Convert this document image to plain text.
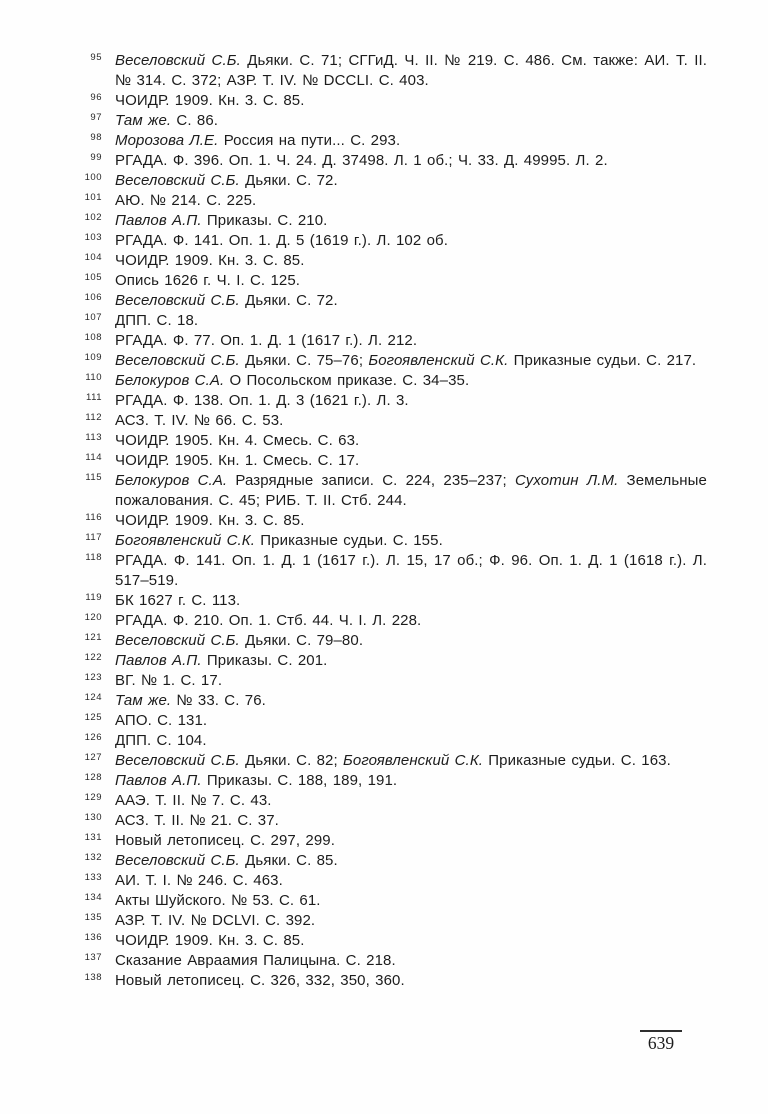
95 Веселовский С.Б. Дьяки. С. 71; СГГиД. Ч. II. № 219. С. 486. См. также: АИ. Т. II. № 314. С. 372; АЗР. Т. IV. № DCCLI. С. 403.
96 ЧОИДР. 1909. Кн. 3. С. 85.
97 Там же. С. 86.
98 Морозова Л.Е. Россия на пути... С. 293.
99 РГАДА. Ф. 396. Оп. 1. Ч. 24. Д. 37498. Л. 1 об.; Ч. 33. Д. 49995. Л. 2.
100 Веселовский С.Б. Дьяки. С. 72.
101 АЮ. № 214. С. 225.
102 Павлов А.П. Приказы. С. 210.
103 РГАДА. Ф. 141. Оп. 1. Д. 5 (1619 г.). Л. 102 об.
104 ЧОИДР. 1909. Кн. 3. С. 85.
105 Опись 1626 г. Ч. I. С. 125.
106 Веселовский С.Б. Дьяки. С. 72.
107 ДПП. С. 18.
108 РГАДА. Ф. 77. Оп. 1. Д. 1 (1617 г.). Л. 212.
109 Веселовский С.Б. Дьяки. С. 75–76; Богоявленский С.К. Приказные судьи. С. 217.
110 Белокуров С.А. О Посольском приказе. С. 34–35.
111 РГАДА. Ф. 138. Оп. 1. Д. 3 (1621 г.). Л. 3.
112 АСЗ. Т. IV. № 66. С. 53.
113 ЧОИДР. 1905. Кн. 4. Смесь. С. 63.
114 ЧОИДР. 1905. Кн. 1. Смесь. С. 17.
115 Белокуров С.А. Разрядные записи. С. 224, 235–237; Сухотин Л.М. Земельные пожалования. С. 45; РИБ. Т. II. Стб. 244.
116 ЧОИДР. 1909. Кн. 3. С. 85.
117 Богоявленский С.К. Приказные судьи. С. 155.
118 РГАДА. Ф. 141. Оп. 1. Д. 1 (1617 г.). Л. 15, 17 об.; Ф. 96. Оп. 1. Д. 1 (1618 г.). Л. 517–519.
119 БК 1627 г. С. 113.
120 РГАДА. Ф. 210. Оп. 1. Стб. 44. Ч. I. Л. 228.
121 Веселовский С.Б. Дьяки. С. 79–80.
122 Павлов А.П. Приказы. С. 201.
123 ВГ. № 1. С. 17.
124 Там же. № 33. С. 76.
125 АПО. С. 131.
126 ДПП. С. 104.
127 Веселовский С.Б. Дьяки. С. 82; Богоявленский С.К. Приказные судьи. С. 163.
128 Павлов А.П. Приказы. С. 188, 189, 191.
129 ААЭ. Т. II. № 7. С. 43.
130 АСЗ. Т. II. № 21. С. 37.
131 Новый летописец. С. 297, 299.
132 Веселовский С.Б. Дьяки. С. 85.
133 АИ. Т. I. № 246. С. 463.
134 Акты Шуйского. № 53. С. 61.
135 АЗР. Т. IV. № DCLVI. С. 392.
136 ЧОИДР. 1909. Кн. 3. С. 85.
137 Сказание Авраамия Палицына. С. 218.
138 Новый летописец. С. 326, 332, 350, 360.
639
